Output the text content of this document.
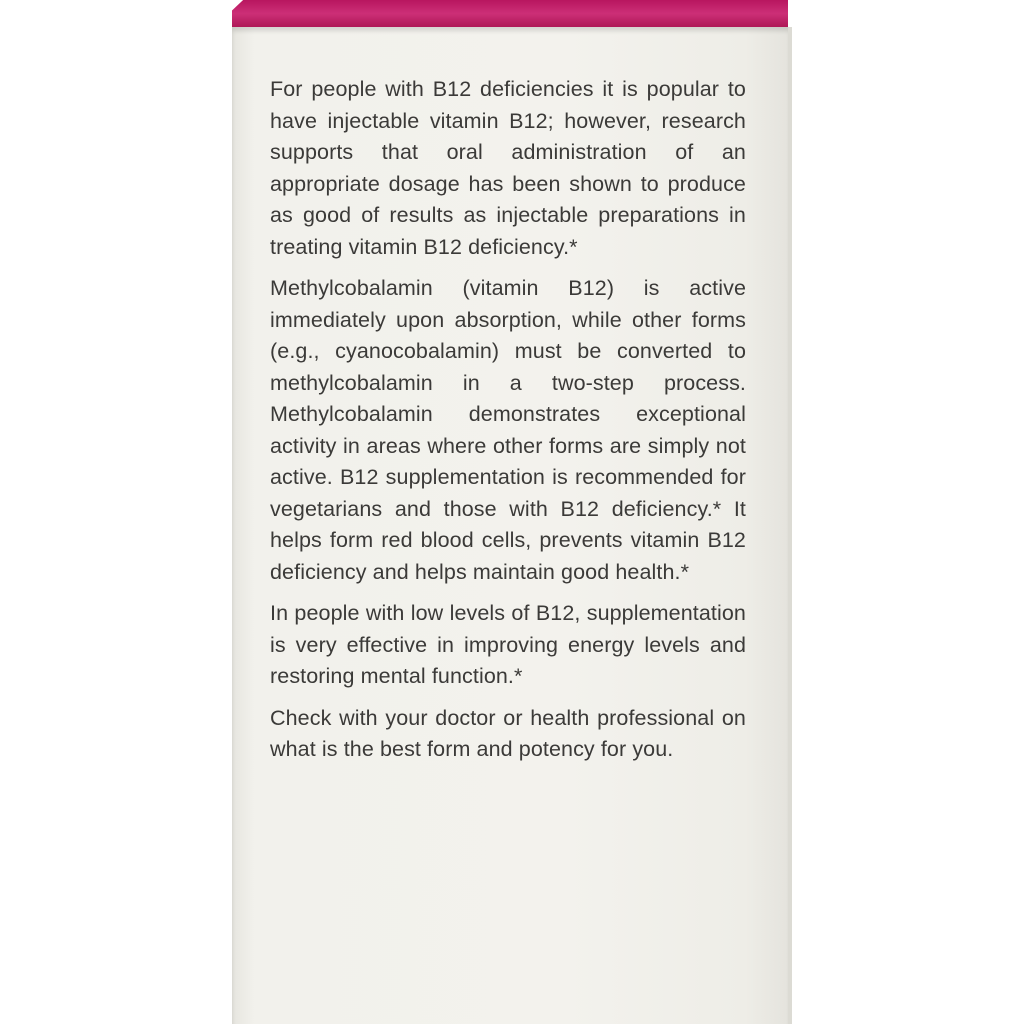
For people with B12 deficiencies it is popular to have injectable vitamin B12; however, research supports that oral administration of an appropriate dosage has been shown to produce as good of results as injectable preparations in treating vitamin B12 deficiency.*

Methylcobalamin (vitamin B12) is active immediately upon absorption, while other forms (e.g., cyanocobalamin) must be converted to methylcobalamin in a two-step process. Methylcobalamin demonstrates exceptional activity in areas where other forms are simply not active. B12 supplementation is recommended for vegetarians and those with B12 deficiency.* It helps form red blood cells, prevents vitamin B12 deficiency and helps maintain good health.*

In people with low levels of B12, supplementation is very effective in improving energy levels and restoring mental function.*

Check with your doctor or health professional on what is the best form and potency for you.
